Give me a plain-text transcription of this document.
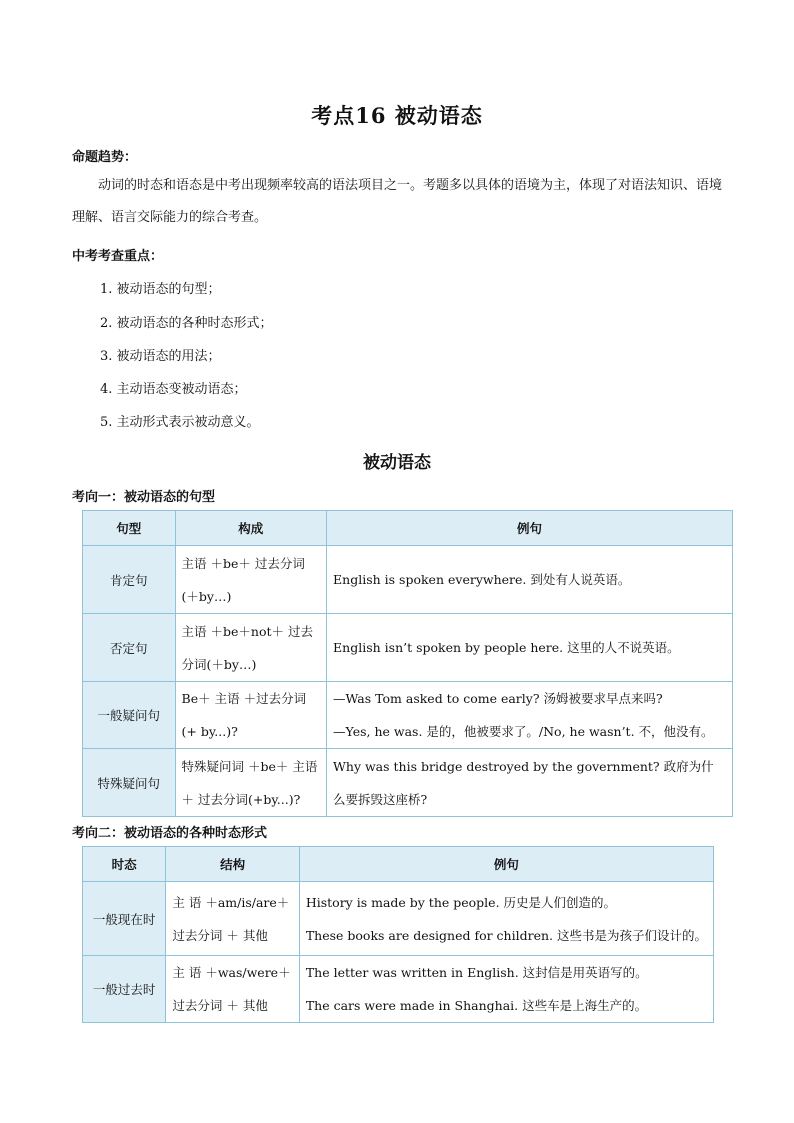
考点16 被动语态
命题趋势：
动词的时态和语态是中考出现频率较高的语法项目之一。考题多以具体的语境为主，体现了对语法知识、语境理解、语言交际能力的综合考查。
中考考查重点：
1. 被动语态的句型；
2. 被动语态的各种时态形式；
3. 被动语态的用法；
4. 主动语态变被动语态；
5. 主动形式表示被动意义。
被动语态
考向一：被动语态的句型
句型	构成	例句
肯定句	主语 ＋be＋ 过去分词(＋by…)	English is spoken everywhere. 到处有人说英语。

否定句	主语 ＋be＋not＋ 过去分词(＋by…)	English isn’t spoken by people here. 这里的人不说英语。

一般疑问句	Be＋ 主语 ＋过去分词(+ by...)?	—Was Tom asked to come early? 汤姆被要求早点来吗?
—Yes, he was. 是的，他被要求了。/No, he wasn’t. 不，他没有。

特殊疑问句	特殊疑问词 ＋be＋ 主语 ＋ 过去分词(+by...)?	Why was this bridge destroyed by the government? 政府为什么要拆毁这座桥?
考向二：被动语态的各种时态形式
时态	结构	例句
一般现在时	主 语 ＋am/is/are＋ 过去分词 ＋ 其他	History is made by the people. 历史是人们创造的。
These books are designed for children. 这些书是为孩子们设计的。

一般过去时	主 语 ＋was/were＋ 过去分词 ＋ 其他	The letter was written in English. 这封信是用英语写的。
The cars were made in Shanghai. 这些车是上海生产的。
